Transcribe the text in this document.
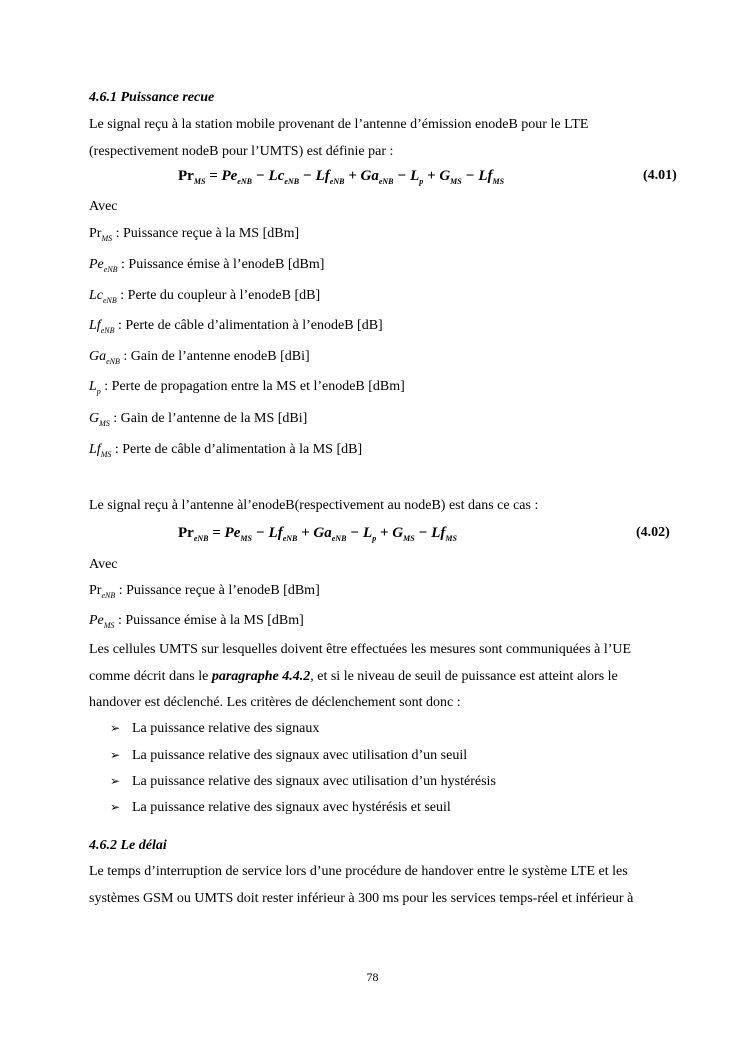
4.6.1 Puissance recue
Le signal reçu à la station mobile provenant de l’antenne d’émission enodeB pour le LTE
(respectivement nodeB pour l’UMTS) est définie par :
$Pr_{MS} = Pe_{eNB} - Lc_{eNB} - Lf_{eNB} + Ga_{eNB} - L_p + G_{MS} - Lf_{MS}$	(4.01)
Avec
$Pr_{MS}$ : Puissance reçue à la MS [dBm]
$Pe_{eNB}$ : Puissance émise à l’enodeB [dBm]
$Lc_{eNB}$ : Perte du coupleur à l’enodeB [dB]
$Lf_{eNB}$ : Perte de câble d’alimentation à l’enodeB [dB]
$Ga_{eNB}$ : Gain de l’antenne enodeB [dBi]
$L_p$ : Perte de propagation entre la MS et l’enodeB [dBm]
$G_{MS}$ : Gain de l’antenne de la MS [dBi]
$Lf_{MS}$ : Perte de câble d’alimentation à la MS [dB]
Le signal reçu à l’antenne àl’enodeB(respectivement au nodeB) est dans ce cas :
$Pr_{eNB} = Pe_{MS} - Lf_{eNB} + Ga_{eNB} - L_p + G_{MS} - Lf_{MS}$	(4.02)
Avec
$Pr_{eNB}$ : Puissance reçue à l’enodeB [dBm]
$Pe_{MS}$ : Puissance émise à la MS [dBm]
Les cellules UMTS sur lesquelles doivent être effectuées les mesures sont communiquées à l’UE
comme décrit dans le paragraphe 4.4.2, et si le niveau de seuil de puissance est atteint alors le
handover est déclenché. Les critères de déclenchement sont donc :
➢ La puissance relative des signaux
➢ La puissance relative des signaux avec utilisation d’un seuil
➢ La puissance relative des signaux avec utilisation d’un hystérésis
➢ La puissance relative des signaux avec hystérésis et seuil
4.6.2 Le délai
Le temps d’interruption de service lors d’une procédure de handover entre le système LTE et les
systèmes GSM ou UMTS doit rester inférieur à 300 ms pour les services temps-réel et inférieur à
78
